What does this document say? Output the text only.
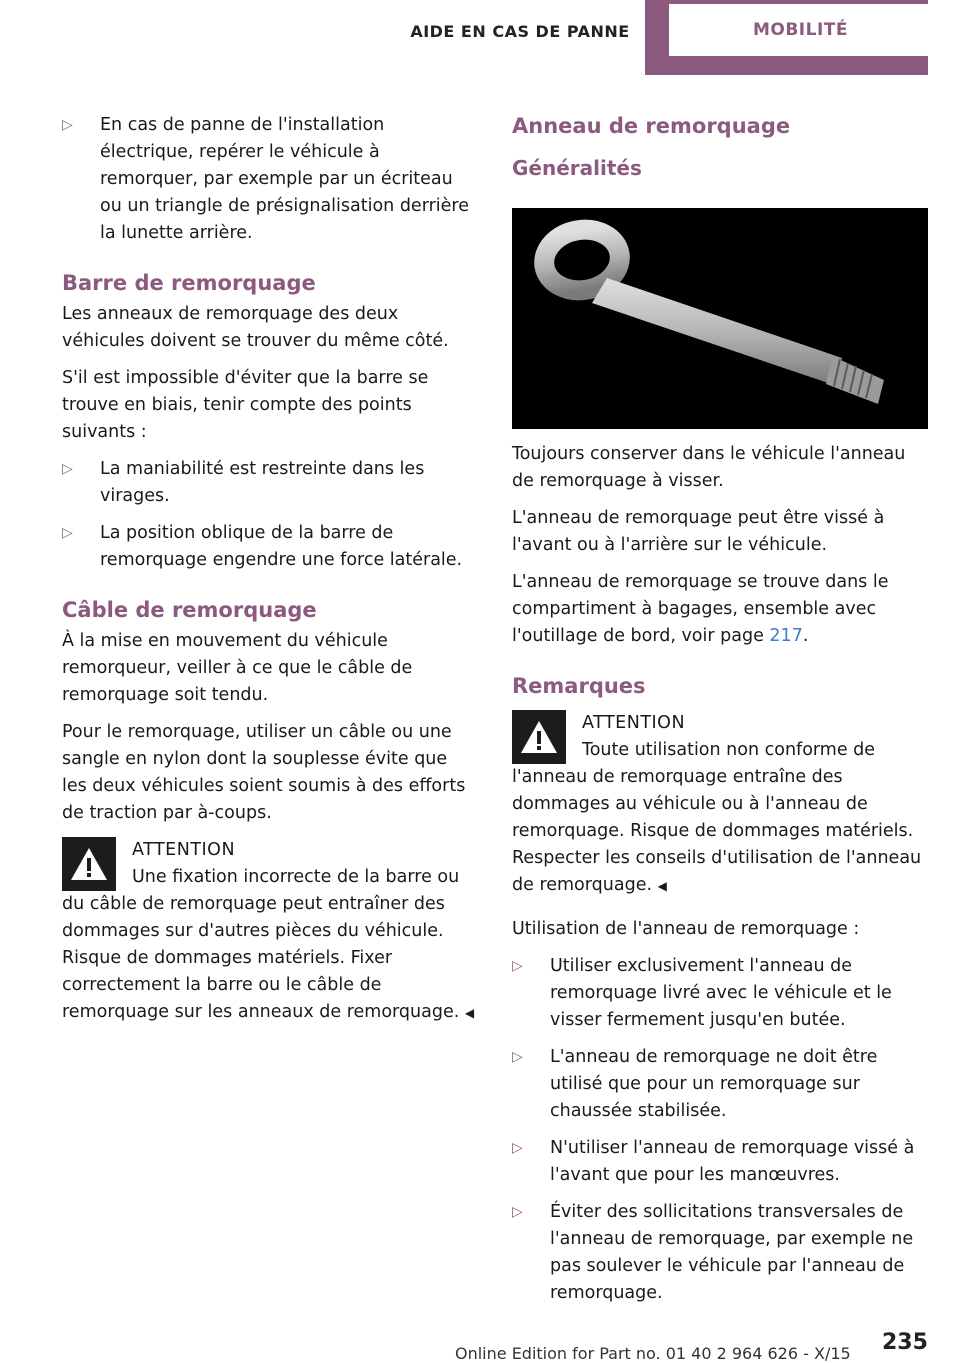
AIDE EN CAS DE PANNE	MOBILITÉ
▷	En cas de panne de l'installation électrique, repérer le véhicule à remorquer, par exemple par un écriteau ou un triangle de présignalisation derrière la lunette arrière.
Barre de remorquage

Les anneaux de remorquage des deux véhicules doivent se trouver du même côté.

S'il est impossible d'éviter que la barre se trouve en biais, tenir compte des points suivants :

▷	La maniabilité est restreinte dans les virages.
▷	La position oblique de la barre de remorquage engendre une force latérale.
Câble de remorquage

À la mise en mouvement du véhicule remorqueur, veiller à ce que le câble de remorquage soit tendu.

Pour le remorquage, utiliser un câble ou une sangle en nylon dont la souplesse évite que les deux véhicules soient soumis à des efforts de traction par à-coups.

ATTENTION
Une fixation incorrecte de la barre ou du câble de remorquage peut entraîner des dommages sur d'autres pièces du véhicule. Risque de dommages matériels. Fixer correctement la barre ou le câble de remorquage sur les anneaux de remorquage. ◀
Anneau de remorquage
Généralités

Toujours conserver dans le véhicule l'anneau de remorquage à visser.

L'anneau de remorquage peut être vissé à l'avant ou à l'arrière sur le véhicule.

L'anneau de remorquage se trouve dans le compartiment à bagages, ensemble avec l'outillage de bord, voir page 217.

Remarques
ATTENTION
Toute utilisation non conforme de l'anneau de remorquage entraîne des dommages au véhicule ou à l'anneau de remorquage. Risque de dommages matériels. Respecter les conseils d'utilisation de l'anneau de remorquage. ◀

Utilisation de l'anneau de remorquage :

▷	Utiliser exclusivement l'anneau de remorquage livré avec le véhicule et le visser fermement jusqu'en butée.
▷	L'anneau de remorquage ne doit être utilisé que pour un remorquage sur chaussée stabilisée.
▷	N'utiliser l'anneau de remorquage vissé à l'avant que pour les manœuvres.
▷	Éviter des sollicitations transversales de l'anneau de remorquage, par exemple ne pas soulever le véhicule par l'anneau de remorquage.
Online Edition for Part no. 01 40 2 964 626 - X/15 235
